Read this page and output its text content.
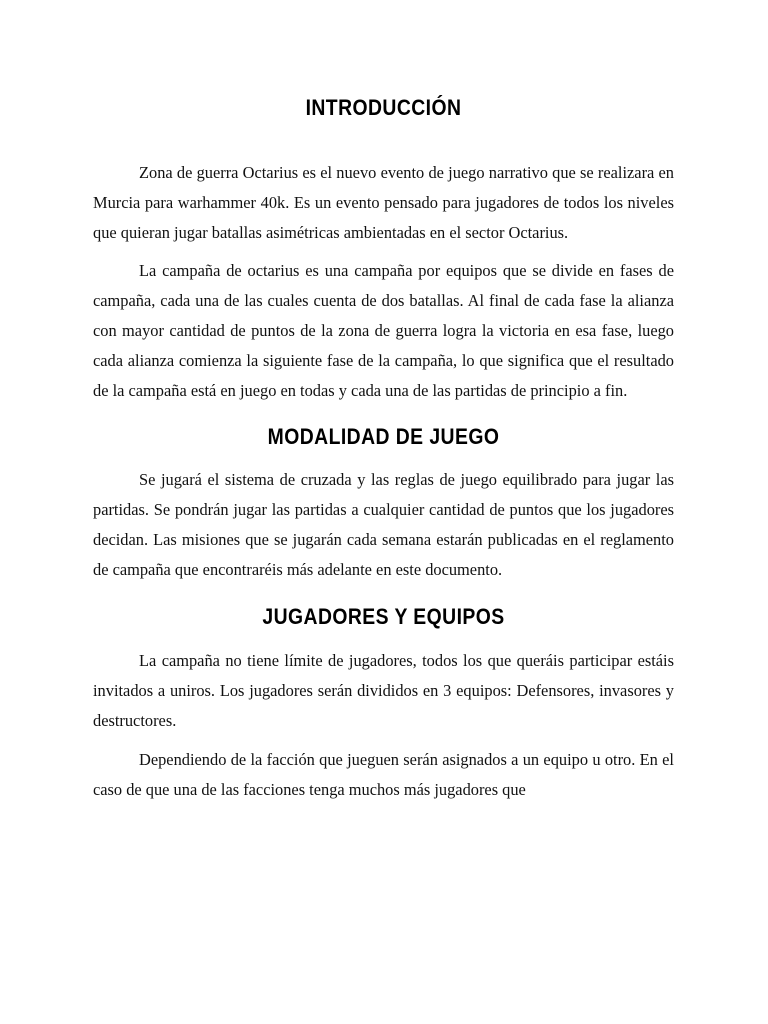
INTRODUCCIÓN

Zona de guerra Octarius es el nuevo evento de juego narrativo que se realizara en Murcia para warhammer 40k. Es un evento pensado para jugadores de todos los niveles que quieran jugar batallas asimétricas ambientadas en el sector Octarius.

La campaña de octarius es una campaña por equipos que se divide en fases de campaña, cada una de las cuales cuenta de dos batallas. Al final de cada fase la alianza con mayor cantidad de puntos de la zona de guerra logra la victoria en esa fase, luego cada alianza comienza la siguiente fase de la campaña, lo que significa que el resultado de la campaña está en juego en todas y cada una de las partidas de principio a fin.

MODALIDAD DE JUEGO

Se jugará el sistema de cruzada y las reglas de juego equilibrado para jugar las partidas. Se pondrán jugar las partidas a cualquier cantidad de puntos que los jugadores decidan. Las misiones que se jugarán cada semana estarán publicadas en el reglamento de campaña que encontraréis más adelante en este documento.

JUGADORES Y EQUIPOS

La campaña no tiene límite de jugadores, todos los que queráis participar estáis invitados a uniros. Los jugadores serán divididos en 3 equipos: Defensores, invasores y destructores.

Dependiendo de la facción que jueguen serán asignados a un equipo u otro. En el caso de que una de las facciones tenga muchos más jugadores que
